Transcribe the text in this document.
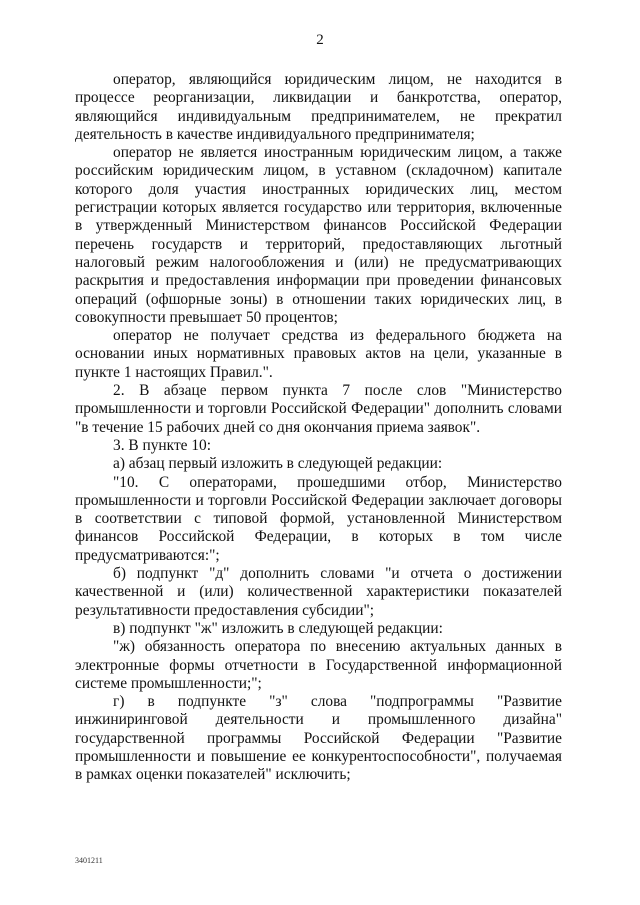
2

оператор, являющийся юридическим лицом, не находится в процессе реорганизации, ликвидации и банкротства, оператор, являющийся индивидуальным предпринимателем, не прекратил деятельность в качестве индивидуального предпринимателя;

оператор не является иностранным юридическим лицом, а также российским юридическим лицом, в уставном (складочном) капитале которого доля участия иностранных юридических лиц, местом регистрации которых является государство или территория, включенные в утвержденный Министерством финансов Российской Федерации перечень государств и территорий, предоставляющих льготный налоговый режим налогообложения и (или) не предусматривающих раскрытия и предоставления информации при проведении финансовых операций (офшорные зоны) в отношении таких юридических лиц, в совокупности превышает 50 процентов;

оператор не получает средства из федерального бюджета на основании иных нормативных правовых актов на цели, указанные в пункте 1 настоящих Правил.".

2. В абзаце первом пункта 7 после слов "Министерство промышленности и торговли Российской Федерации" дополнить словами "в течение 15 рабочих дней со дня окончания приема заявок".

3. В пункте 10:

а) абзац первый изложить в следующей редакции:

"10. С операторами, прошедшими отбор, Министерство промышленности и торговли Российской Федерации заключает договоры в соответствии с типовой формой, установленной Министерством финансов Российской Федерации, в которых в том числе предусматриваются:";

б) подпункт "д" дополнить словами "и отчета о достижении качественной и (или) количественной характеристики показателей результативности предоставления субсидии";

в) подпункт "ж" изложить в следующей редакции:

"ж) обязанность оператора по внесению актуальных данных в электронные формы отчетности в Государственной информационной системе промышленности;";

г) в подпункте "з" слова "подпрограммы "Развитие инжиниринговой деятельности и промышленного дизайна" государственной программы Российской Федерации "Развитие промышленности и повышение ее конкурентоспособности", получаемая в рамках оценки показателей" исключить;

3401211
